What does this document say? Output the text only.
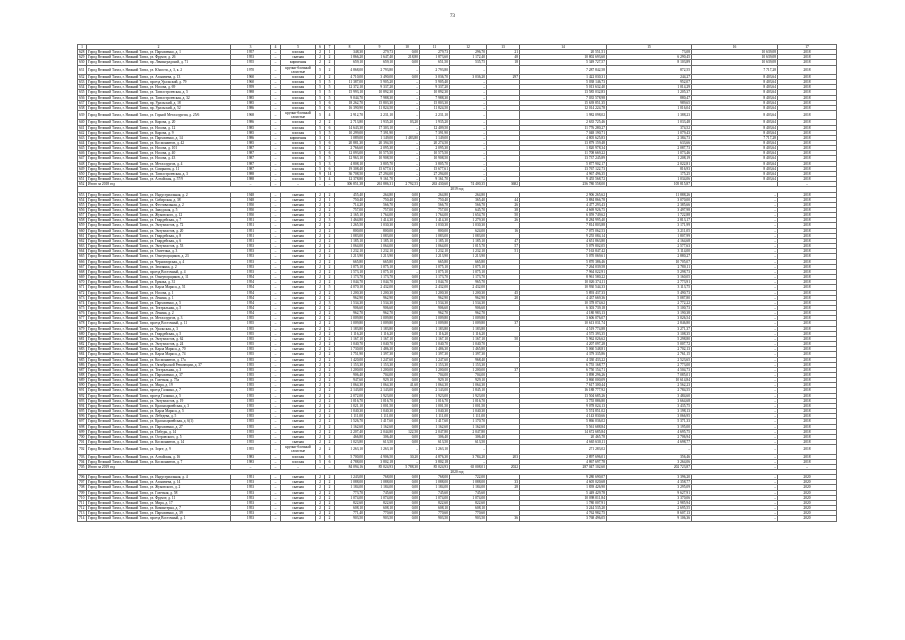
73
1	2	3	4	5	6	7	8	9	10	11	12	13	14	15	16	17
628	Город Великий Тагил, г. Нижний Тагил, ул. Пархоменко, д. 1	1957	–	плоская	2	1	348,30	279,73	0,00	279,73	296,70	21	20 551,51	73,08	10 639,08	2018
629	Город Великий Тагил, г. Нижний Тагил, ул. Фрунзе, д. 26	1953	–	скатная	2	2	1 866,20	1 647,40	218,80	1 873,60	1 172,40	48	10 802 693,60	6 290,45	10 639,08	2018
630	Город Великий Тагил, г. Нижний Тагил, пр. Ленинградский, д. 71	1955	–	кирпичная	2	2	659,10	659,10	0,00	651,50	535,75	18	5 349 727,57	8 103,89	10 639,08	2018
631	Город Великий Тагил, г. Нижний Тагил, ул. Юности, д. 3, к. 2	1970	–	крупно-блочный слоистые	5	2	4 868,00	2 793,80	–	2 793,80	–		7 287 842,58	872,55	7 717,28	2018
632	Город Великий Тагил, г. Нижний Тагил, ул. Аганичева, д. 13	1960	–	плоская	2	2	4 710,00	3 490,00	0,00	3 036,70	3 036,20	297	1 422 030,31	244,27	8 403,64	2018
633	Город Великий Тагил, г. Нижний Тагил, проезд Уральский, д. 79	1960	–	плоская	5	5	11 387,00	5 905,20	–	5 905,40	–		5 038 146,73	952,07	8 403,64	2018
634	Город Великий Тагил, г. Нижний Тагил, ул. Носова, д. 69	1959	–	плоская	5	5	12 372,10	9 337,20	–	9 337,20	–		5 013 632,40	1 014,29	8 403,64	2018
635	Город Великий Тагил, г. Нижний Тагил, ул. Тагилстроевская, д. 5	1988	–	плоская	5	5	15 993,10	10 892,30	–	10 892,30	–		13 585 032,83	1 205,37	8 403,64	2018
636	Город Великий Тагил, г. Нижний Тагил, ул. Тагилстроевская, д. 32	1985	–	плоская	5	5	9 044,70	7 988,30	–	7 988,30	–		7 035 578,98	880,47	8 403,64	2018
637	Город Великий Тагил, г. Нижний Тагил, пр. Уральский, д. 18	1985	–	плоская	5	6	18 262,70	15 803,30	–	15 803,30	–		15 639 851,35	989,65	8 403,64	2018
638	Город Великий Тагил, г. Нижний Тагил, пр. Уральский, д. 52	1986	–	плоская	5	6	16 390,90	11 824,50	–	11 824,50	–		12 014 224,78	1 016,04	8 403,64	2018
639	Город Великий Тагил, г. Нижний Тагил, ул. Горной Металлургии, д. 25/6	1968	–	крупно-блочный слоистые	5	4	2 912,70	2 231,10	–	2 231,10	–		1 982 098,02	1 388,23	8 403,64	2018
640	Город Великий Тагил, г. Нижний Тагил, ул. Кирова, д. 20	1986	–	плоская	2	2	2 713,80	1 935,20	03,20	1 935,20	–		2 635 725,46	1 033,48	8 403,64	2018
641	Город Великий Тагил, г. Нижний Тагил, ул. Носова, д. 12	1985	–	плоская	5	6	14 643,30	17 303,10	–	12 409,50	–		11 776 280,27	374,52	8 403,64	2018
642	Город Великий Тагил, г. Нижний Тагил, ул. Кирова, д. 9	1985	–	плоская	5	5	10 299,00	7 391,90	–	7 391,90	–		7 048 190,71	1 079,43	8 403,64	2018
643	Город Великий Тагил, г. Нижний Тагил, ул. Пархоменко, д. 14	1986	–	кирпичная	3	1	1 089,00	1 149,00	1 483,80	1 149,00	–		4 805 625,83	2 384,73	7 717,28	2018
644	Город Великий Тагил, г. Нижний Тагил, ул. Космонавтов, д. 42	1985	–	плоская	5	6	20 881,30	20 394,50	–	20 274,50	–		13 879 159,48	633,66	8 403,64	2018
645	Город Великий Тагил, г. Нижний Тагил, ул. Носова, д. 101	1987	–	плоская	5	2	2 766,60	2 095,30	–	2 095,30	–		1 820 978,34	2 087,73	8 403,64	2018
646	Город Великий Тагил, г. Нижний Тагил, ул. Носова, д. 40	1987	–	плоская	5	6	12 093,00	10 575,50	–	10 575,50	–		11 708 669,22	1 073,46	8 403,64	2018
647	Город Великий Тагил, г. Нижний Тагил, ул. Носова, д. 43	1987	–	плоская	5	5	12 963,10	10 908,50	–	10 908,50	–		13 737 245,89	1 208,19	8 403,64	2018
648	Город Великий Тагил, г. Нижний Тагил, ул. Металлургов, д. 4	1987	–	плоская	5	3	4 808,10	3 805,70	–	3 805,70	–		5 877 902,17	2 022,81	8 403,64	2018
649	Город Великий Тагил, г. Нижний Тагил, ул. Смирнова, д. 11	1987	–	плоская	5	6	19 308,40	15 677,61	–	15 677,61	–		13 767 122,73	816,93	8 403,64	2018
650	Город Великий Тагил, г. Нижний Тагил, ул. Тагилстроевская, д. 3	1988	–	плоская	9	14	36 708,50	27 294,00	–	27 294,00	–		4 967 496,35	175,25	8 403,64	2018
651	Город Великий Тагил, г. Нижний Тагил, ул. Алтайская, д. 57/9	1988	–	плоская	5	4	12 378,80	9 161,70	–	9 161,70	–		9 455 568,72	1 034,06	8 403,64	2018
652	Итого за 2018 год	–	–	–	–	–	306 851,38	261 886,31	2 792,53	263 430,60	74 400,35	3682	256 780 558,00	105 815,87		–
2019 год																
653	Город Великий Тагил, г. Нижний Тагил, ул. Индустриальная, д. 2	1948	–	скатная	2	2	455,40	264,80	0,00	264,80	264,80		2 906 265,62	11 888,26	–	2018
654	Город Великий Тагил, г. Нижний Тагил, ул. Сибирская, д. 38	1948	–	скатная	2	1	750,40	750,40	0,00	750,40	365,40	44	3 884 866,78	3 070,00	–	2018
655	Город Великий Тагил, г. Нижний Тагил, ул. Фестивальная, д. 2	1950	–	скатная	2	2	714,20	566,70	0,00	566,70	566,70	26	4 477 293,43	2 385,66	–	2018
656	Город Великий Тагил, г. Нижний Тагил, ул. Заводская, д. 5	1950	–	скатная	2	2	757,00	757,00	0,00	757,00	645,70	38	4 669 926,75	3 497,98	–	2018
657	Город Великий Тагил, г. Нижний Тагил, ул. Жуковского, д. 12	1950	–	скатная	2	2	2 165,10	1 764,00	0,00	1 764,00	1 654,70	50	6 059 749,62	1 722,88	–	2018
658	Город Великий Тагил, г. Нижний Тагил, ул. Гвардейская, д. 7	1951	–	скатная	2	3	1 464,80	1 414,30	0,00	1 414,30	1 279,30	26	8 284 995,40	2 813,17	–	2018
659	Город Великий Тагил, г. Нижний Тагил, ул. Энтузиастов, д. 72	1951	–	скатная	2	2	1 265,50	1 030,30	0,00	1 030,30	1 030,30		7 814 803,88	3 171,99	–	2018
660	Город Великий Тагил, г. Нижний Тагил, ул. Энтузиастов, д. 20	1951	–	скатная	2	2	800,00	800,00	0,00	800,00	624,00	16	7 075 062,53	3 211,05	–	2018
661	Город Великий Тагил, г. Нижний Тагил, ул. Гвардейская, д. 8	1951	–	скатная	2	2	1 083,00	1 083,00	0,00	1 083,00	1 083,00		9 255 084,14	1 807,99	–	2018
662	Город Великий Тагил, г. Нижний Тагил, ул. Гвардейская, д. 6	1951	–	скатная	2	2	1 185,10	1 185,10	0,00	1 185,10	1 185,10	47	4 651 863,80	4 164,68	–	2018
663	Город Великий Тагил, г. Нижний Тагил, ул. Энтузиастов, д. 53	1953	–	скатная	2	2	1 064,00	1 064,00	0,00	1 064,00	1 015,70	57	5 079 802,05	2 577,63	–	2018
664	Город Великий Тагил, г. Нижний Тагил, ул. Оплетина, д. 3	1953	–	скатная	2	2	1 232,10	1 232,10	0,00	1 232,10	1 232,10	51	7 163 847,42	3 114,00	–	2018
665	Город Великий Тагил, г. Нижний Тагил, ул. Огнеупорщиков, д. 23	1953	–	скатная	2	2	1 213,90	1 213,90	0,00	1 213,90	1 213,90		5 070 069,61	2 880,27	–	2018
666	Город Великий Тагил, г. Нижний Тагил, ул. Черноморская, д. 4	1953	–	скатная	2	2	665,80	665,80	0,00	665,80	665,80		5 870 386,46	10 705,07	–	2018
667	Город Великий Тагил, г. Нижний Тагил, ул. Землянка, д. 2	1953	–	скатная	2	2	1 075,10	1 075,10	0,00	1 075,10	1 075,10		7 264 039,58	2 780,11	–	2018
668	Город Великий Тагил, г. Нижний Тагил, проезд Восточный, д. 4	1953	–	скатная	2	2	1 573,10	1 075,10	–	1 075,10	1 075,10		7 964 022,91	5 298,73	–	2018
669	Город Великий Тагил, г. Нижний Тагил, ул. Огнеупорщиков, д. 11	1954	–	скатная	2	2	1 173,70	1 173,70	0,00	1 173,70	1 173,70		8 961 580,22	3 160,05	–	2018
670	Город Великий Тагил, г. Нижний Тагил, ул. Ермака, д. 31	1954	–	скатная	2	2	1 044,70	1 044,70	0,00	1 044,70	965,70		10 026 374,11	2 773,91	–	2018
671	Город Великий Тагил, г. Нижний Тагил, ул. Карла Маркса, д. 51	1954	–	скатная	2	5	4 070,10	2 432,00	0,00	2 432,00	2 432,00		10 930 544,33	3 113,75	–	2018
672	Город Великий Тагил, г. Нижний Тагил, ул. Носова, д. 1	1954	–	скатная	2	2	1 200,30	1 200,30	0,00	1 200,30	1 200,30	45	5 893 437,33	5 490,73	–	2018
673	Город Великий Тагил, г. Нижний Тагил, ул. Ленина, д. 1	1954	–	скатная	2	2	962,90	962,90	0,00	962,90	962,90	20	4 437 669,36	5 087,80	–	2018
674	Город Великий Тагил, г. Нижний Тагил, ул. Пархоменко, д. 5	1954	–	скатная	2	3	1 534,30	1 534,30	0,00	1 534,30	1 534,30		10 378 074,62	2 772,22	–	2018
675	Город Великий Тагил, г. Нижний Тагил, ул. Театральная, д. 5	1954	–	скатная	2	2	906,60	906,60	0,00	906,60	906,60		6 303 739,18	5 100,73	–	2018
676	Город Великий Тагил, г. Нижний Тагил, ул. Ленина, д. 2	1954	–	скатная	2	2	962,70	962,70	0,00	962,70	962,70		4 180 983,13	3 190,38	–	2018
677	Город Великий Тагил, г. Нижний Тагил, ул. Металлургов, д. 3	1955	–	скатная	2	2	1 009,80	1 009,80	0,00	1 009,80	1 009,80		3 606 076,07	3 026,54	–	2018
678	Город Великий Тагил, г. Нижний Тагил, проезд Восточный, д. 11	1955	–	скатная	2	2	1 009,80	1 009,80	0,00	1 009,80	1 009,80	37	10 613 031,74	2 846,80	–	2018
679	Город Великий Тагил, г. Нижний Тагил, ул. Уральская, д. 3	1955	–	скатная	2	2	1 183,80	1 183,80	0,00	1 183,80	1 183,80		4 519 774,88	3 271,37	–	2018
680	Город Великий Тагил, г. Нижний Тагил, ул. Гвардейская, д. 5	1955	–	скатная	2	2	1 116,20	1 116,20	0,00	1 116,20	1 116,20		4 575 393,35	3 108,35	–	2018
681	Город Великий Тагил, г. Нижний Тагил, ул. Энтузиастов, д. 62	1955	–	скатная	2	2	1 167,10	1 167,10	0,00	1 167,10	1 167,10	50	5 962 026,62	5 298,80	–	2018
682	Город Великий Тагил, г. Нижний Тагил, ул. Энтузиастов, д. 24	1955	–	скатная	2	2	1 040,70	1 040,70	0,00	1 040,70	1 040,70		4 207 097,28	5 007,72	–	2018
683	Город Великий Тагил, г. Нижний Тагил, ул. Карла Маркса, д. 70	1955	–	скатная	2	2	1 730,00	1 486,30	0,00	1 486,30	1 465,80		5 060 548,81	2 702,13	–	2018
684	Город Великий Тагил, г. Нижний Тагил, ул. Карла Маркса, д. 74	1955	–	скатная	2	2	1 751,90	1 397,30	0,00	1 397,30	1 397,30		4 379 335,86	2 761,15	–	2018
685	Город Великий Тагил, г. Нижний Тагил, ул. Космонавтов, д. 17а	1955	–	скатная	2	2	1 420,00	1 247,60	0,00	1 247,60	968,40		4 330 433,22	2 523,65	–	2018
686	Город Великий Тагил, г. Нижний Тагил, ул. Октябрьской Революции, д. 37	1955	–	скатная	2	2	1 153,30	1 153,30	0,00	1 153,30	1 153,30		6 755 168,77	2 773,00	–	2018
687	Город Великий Тагил, г. Нижний Тагил, ул. Театральная, д. 3	1955	–	скатная	2	2	1 200,00	1 200,00	0,00	1 200,00	1 200,00	37	6 750 154,71	4 504,73	–	2018
688	Город Великий Тагил, г. Нижний Тагил, ул. Пархоменко, д. 37	1955	–	скатная	2	2	906,40	704,00	0,00	704,00	704,00		3 898 296,26	7 085,01	–	2018
689	Город Великий Тагил, г. Нижний Тагил, ул. Газетная, д. 75а	1955	–	скатная	2	2	947,60	929,10	0,00	929,10	929,10		3 860 000,09	10 614,84	–	2018
690	Город Великий Тагил, г. Нижний Тагил, ул. Мира, д. 19	1955	–	скатная	2	2	1 064,30	1 064,30	41,60	1 064,30	1 064,30		7 617 300,44	2 562,23	–	2018
691	Город Великий Тагил, г. Нижний Тагил, проезд Галкина, д. 7	1955	–	скатная	2	2	2 143,00	2 143,00	0,00	2 143,00	1 845,10		16 188 777,92	2 784,55	–	2018
692	Город Великий Тагил, г. Нижний Тагил, проезд Галкина, д. 5	1955	–	скатная	2	2	2 072,00	1 923,00	0,00	1 923,00	1 923,00		13 504 685,26	3 484,60	–	2018
693	Город Великий Тагил, г. Нижний Тагил, ул. Энтузиастов, д. 19	1955	–	скатная	2	2	1 016,70	1 016,70	0,00	1 016,70	1 016,70		3 755 886,80	3 664,68	–	2018
694	Город Великий Тагил, г. Нижний Тагил, ул. Красноармейская, д. 3	1955	–	скатная	2	2	1 021,10	1 001,50	0,00	1 001,50	1 001,50		9 078 024,13	3 435,75	–	2018
695	Город Великий Тагил, г. Нижний Тагил, ул. Карла Маркса, д. 5	1955	–	скатная	2	2	1 040,30	1 040,30	0,00	1 040,30	1 040,30		5 574 851,02	3 198,13	–	2018
696	Город Великий Тагил, г. Нижний Тагил, ул. Лебедева, д. 5	1955	–	скатная	2	2	1 111,00	1 111,00	0,00	1 111,00	1 111,00		4 143 830,66	3 066,95	–	2018
697	Город Великий Тагил, г. Нижний Тагил, ул. Красноармейская, д. 6(1)	1955	–	скатная	2	2	1 526,70	1 417,60	0,00	1 417,60	1 170,70		5 866 036,02	5 371,33	–	2018
698	Город Великий Тагил, г. Нижний Тагил, ул. Пархоменко, д. 27	1955	–	скатная	2	2	1 162,60	1 162,60	0,00	1 162,60	1 162,60		5 561 688,84	3 195,00	–	2018
699	Город Великий Тагил, г. Нижний Тагил, ул. Победы, д. 14	1955	–	скатная	2	2	2 207,40	2 044,80	122,50	2 047,80	2 047,80		14 672 685,84	4 695,75	–	2018
700	Город Великий Тагил, г. Нижний Тагил, ул. Островского, д. 5	1955	–	скатная	2	2	466,80	306,40	0,00	306,40	306,40		20 465,78	2 706,94	–	2018
701	Город Великий Тагил, г. Нижний Тагил, ул. Космонавтов, д. 14	1955	–	скатная	2	2	1 023,80	613,50	0,00	613,50	613,50		4 665 630,11	4 698,77	–	2018
702	Город Великий Тагил, г. Нижний Тагил, ул. Зорге, д. 9	1955	–	крупно-блочный слоистые	2	2	1 263,10	1 263,10	–	1 263,10	–		271 283,02	–	–	2018
703	Город Великий Тагил, г. Нижний Тагил, ул. Алтайская, д. 16	1983	–	плоская	5	6	5 700,00	4 906,50	30,20	4 876,30	3 784,20	203	2 897 696,01	356,46	–	2018
704	Город Великий Тагил, г. Нижний Тагил, ул. Космонавтов, д. 7	1983	–	плоская	5	6	4 788,00	3 802,18	–	3 802,18	–		4 867 697,78	3 264,06	–	2018
705	Итого за 2019 год	–	–	–	–	–	84 094,16	85 024,93	5 788,30	85 024,93	65 008,01	2022	287 047 102,60	202 723,87	–	–
2020 год																
706	Город Великий Тагил, г. Нижний Тагил, ул. Индустриальная, д. 4	1951	–	скатная	2	2	1 243,00	768,00	0,00	768,00	722,00		9 280 690,07	3 396,20	–	2020
707	Город Великий Тагил, г. Нижний Тагил, ул. Аганичева, д. 14	1953	–	скатная	2	2	1 088,00	1 088,00	0,00	1 088,00	1 088,00	33	4 605 020,68	4 358,77	–	2020
708	Город Великий Тагил, г. Нижний Тагил, ул. Жуковского, д. 2	1953	–	скатная	2	2	1 184,00	1 184,00	0,00	1 184,00	1 184,00	28	1 839 426,90	3 295,09	–	2020
709	Город Великий Тагил, г. Нижний Тагил, ул. Газетная, д. 58	1953	–	скатная	2	2	773,70	745,60	0,00	745,60	745,60		5 449 429,78	9 627,91	–	2020
710	Город Великий Тагил, г. Нижний Тагил, ул. Фрунзе, д. 11	1953	–	скатная	2	2	1 074,00	1 074,00	0,00	1 074,00	1 074,00		10 098 011,84	3 370,06	–	2020
711	Город Великий Тагил, г. Нижний Тагил, ул. Мира, д. 17	1953	–	скатная	2	2	822,60	822,60	0,00	822,60	822,60		1 780 007,91	2 985,94	–	2020
712	Город Великий Тагил, г. Нижний Тагил, ул. Коминтерна, д. 7	1953	–	скатная	2	2	608,10	608,10	0,00	608,10	608,10		3 244 535,20	2 695,55	–	2020
713	Город Великий Тагил, г. Нижний Тагил, ул. Пархоменко, д. 39	1953	–	скатная	2	2	771,40	770,60	0,00	770,60	770,60		4 762 982,75	8 607,13	–	2020
714	Город Великий Тагил, г. Нижний Тагил, проезд Восточный, д. 1	1953	–	скатная	2	2	903,50	903,50	0,00	903,50	903,50	36	3 768 496,05	9 106,36	–	2020
